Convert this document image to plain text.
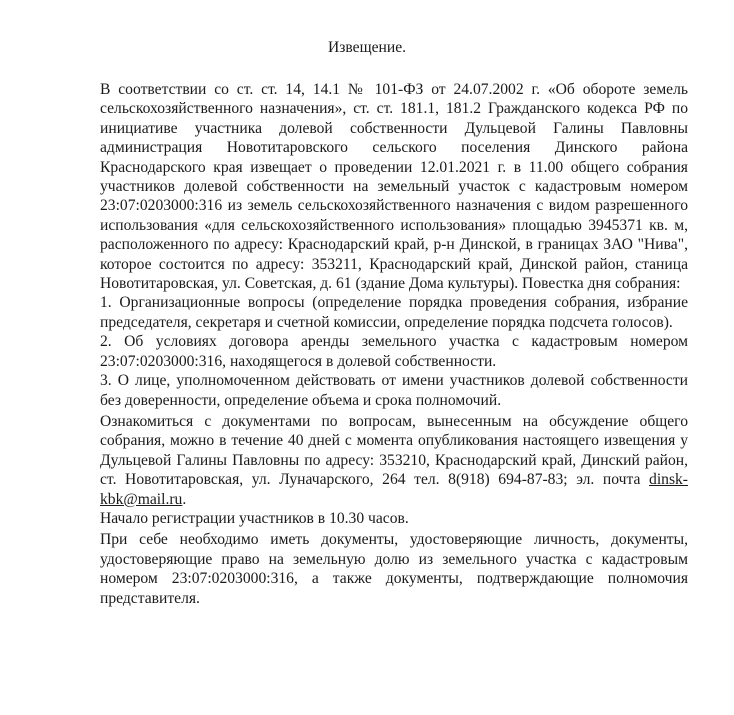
Извещение.

В соответствии со ст. ст. 14, 14.1 № 101-ФЗ от 24.07.2002 г. «Об обороте земель сельскохозяйственного назначения», ст. ст. 181.1, 181.2 Гражданского кодекса РФ по инициативе участника долевой собственности Дульцевой Галины Павловны администрация Новотитаровского сельского поселения Динского района Краснодарского края извещает о проведении 12.01.2021 г. в 11.00 общего собрания участников долевой собственности на земельный участок с кадастровым номером 23:07:0203000:316 из земель сельскохозяйственного назначения с видом разрешенного использования «для сельскохозяйственного использования» площадью 3945371 кв. м, расположенного по адресу: Краснодарский край, р-н Динской, в границах ЗАО "Нива", которое состоится по адресу: 353211, Краснодарский край, Динской район, станица Новотитаровская, ул. Советская, д. 61 (здание Дома культуры). Повестка дня собрания:

1. Организационные вопросы (определение порядка проведения собрания, избрание председателя, секретаря и счетной комиссии, определение порядка подсчета голосов).

2. Об условиях договора аренды земельного участка с кадастровым номером 23:07:0203000:316, находящегося в долевой собственности.

3. О лице, уполномоченном действовать от имени участников долевой собственности без доверенности, определение объема и срока полномочий.

Ознакомиться с документами по вопросам, вынесенным на обсуждение общего собрания, можно в течение 40 дней с момента опубликования настоящего извещения у Дульцевой Галины Павловны по адресу: 353210, Краснодарский край, Динский район, ст. Новотитаровская, ул. Луначарского, 264 тел. 8(918) 694-87-83; эл. почта dinsk-kbk@mail.ru.

Начало регистрации участников в 10.30 часов.

При себе необходимо иметь документы, удостоверяющие личность, документы, удостоверяющие право на земельную долю из земельного участка с кадастровым номером 23:07:0203000:316, а также документы, подтверждающие полномочия представителя.
